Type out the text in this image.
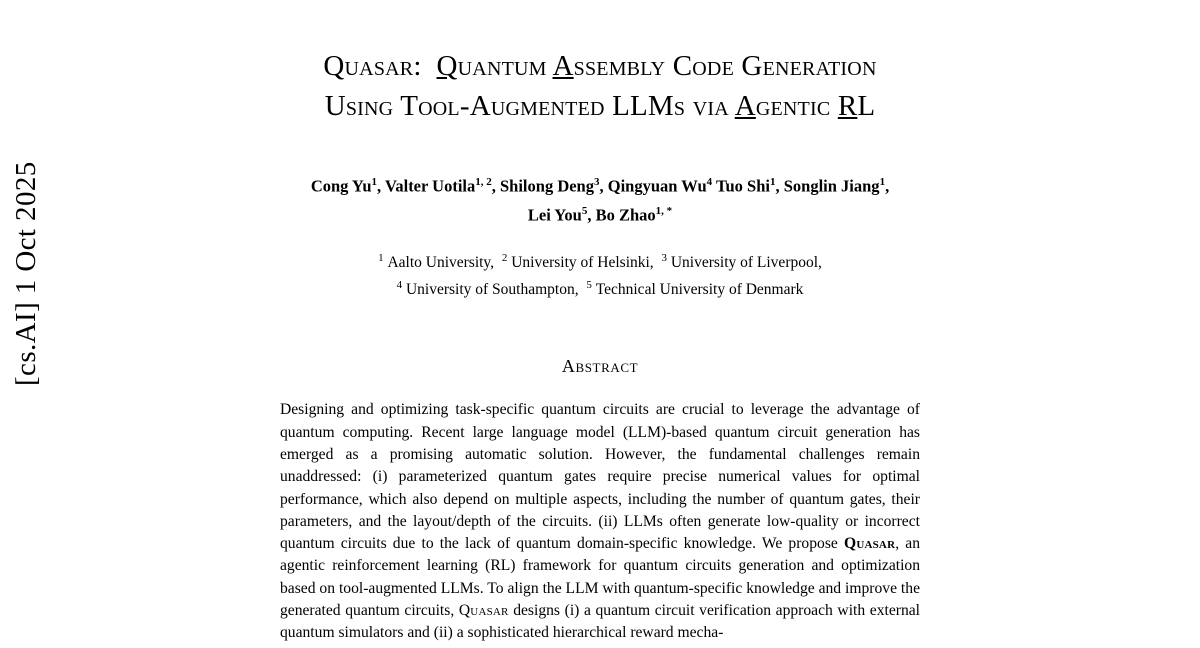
[cs.AI] 1 Oct 2025
Quasar: Quantum Assembly Code Generation
Using Tool-Augmented LLMs via Agentic RL
Cong Yu$^1$, Valter Uotila$^{1, 2}$, Shilong Deng$^3$, Qingyuan Wu$^4$ Tuo Shi$^1$, Songlin Jiang$^1$,
Lei You$^5$, Bo Zhao$^{1, *}$
$^1$ Aalto University, $^2$ University of Helsinki, $^3$ University of Liverpool,
$^4$ University of Southampton, $^5$ Technical University of Denmark
Abstract

Designing and optimizing task-specific quantum circuits are crucial to leverage the advantage of quantum computing. Recent large language model (LLM)-based quantum circuit generation has emerged as a promising automatic solution. However, the fundamental challenges remain unaddressed: (i) parameterized quantum gates require precise numerical values for optimal performance, which also depend on multiple aspects, including the number of quantum gates, their parameters, and the layout/depth of the circuits. (ii) LLMs often generate low-quality or incorrect quantum circuits due to the lack of quantum domain-specific knowledge. We propose Quasar, an agentic reinforcement learning (RL) framework for quantum circuits generation and optimization based on tool-augmented LLMs. To align the LLM with quantum-specific knowledge and improve the generated quantum circuits, Quasar designs (i) a quantum circuit verification approach with external quantum simulators and (ii) a sophisticated hierarchical reward mecha-
